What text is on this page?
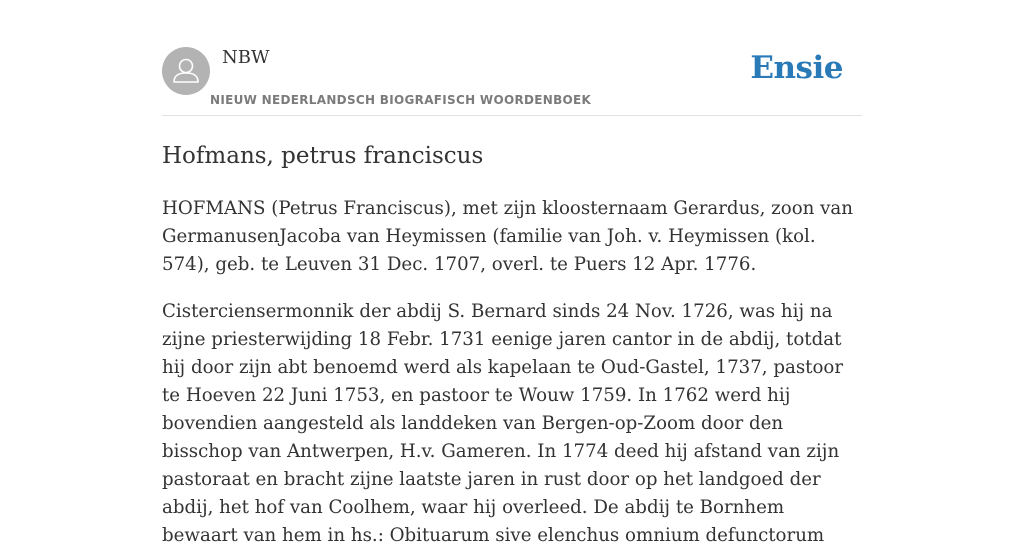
NBW
NIEUW NEDERLANDSCH BIOGRAFISCH WOORDENBOEK
Ensie
Hofmans, petrus franciscus

HOFMANS (Petrus Franciscus), met zijn kloosternaam Gerardus, zoon van GermanusenJacoba van Heymissen (familie van Joh. v. Heymissen (kol. 574), geb. te Leuven 31 Dec. 1707, overl. te Puers 12 Apr. 1776.

Cisterciensermonnik der abdij S. Bernard sinds 24 Nov. 1726, was hij na zijne priesterwijding 18 Febr. 1731 eenige jaren cantor in de abdij, totdat hij door zijn abt benoemd werd als kapelaan te Oud-Gastel, 1737, pastoor te Hoeven 22 Juni 1753, en pastoor te Wouw 1759. In 1762 werd hij bovendien aangesteld als landdeken van Bergen-op-Zoom door den bisschop van Antwerpen, H.v. Gameren. In 1774 deed hij afstand van zijn pastoraat en bracht zijne laatste jaren in rust door op het landgoed der abdij, het hof van Coolhem, waar hij overleed. De abdij te Bornhem bewaart van hem in hs.: Obituarum sive elenchus omnium defunctorum
